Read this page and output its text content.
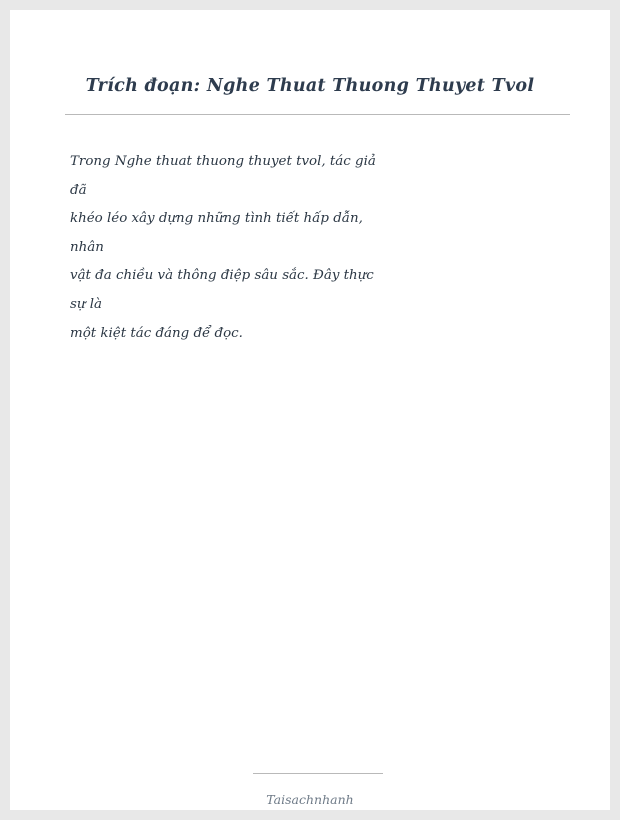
Trích đoạn: Nghe Thuat Thuong Thuyet Tvol
Trong Nghe thuat thuong thuyet tvol, tác giả
đã
khéo léo xây dựng những tình tiết hấp dẫn,
nhân
vật đa chiều và thông điệp sâu sắc. Đây thực
sự là
một kiệt tác đáng để đọc.
Taisachnhanh
